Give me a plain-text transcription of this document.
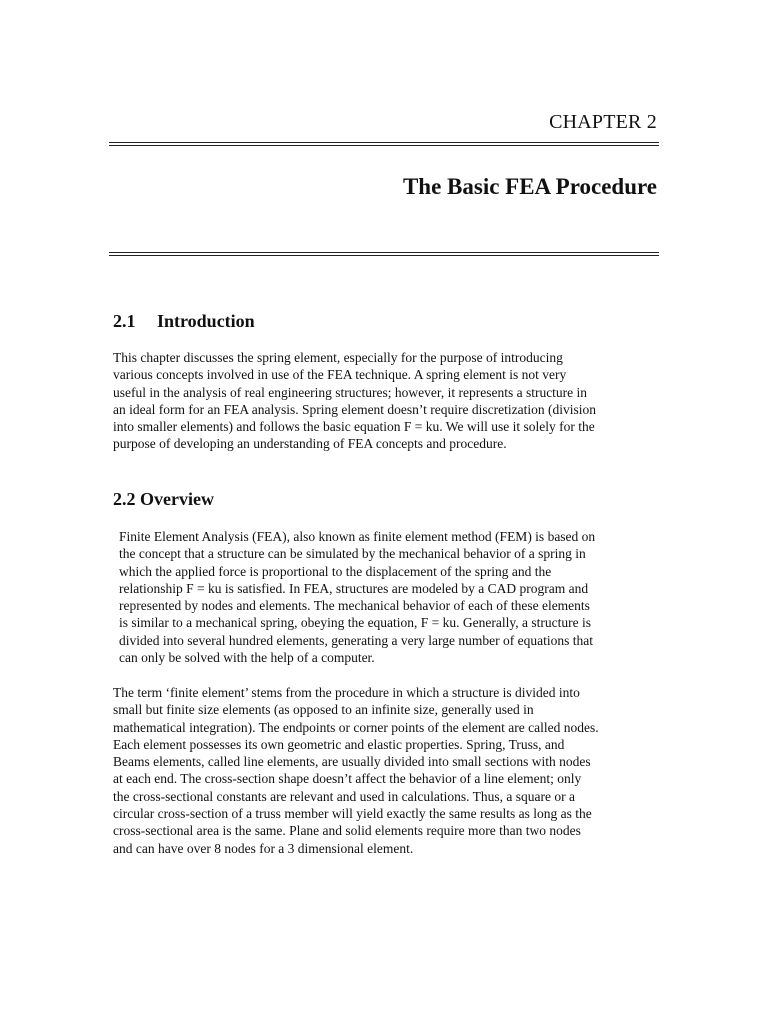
CHAPTER 2
The Basic FEA Procedure
2.1 Introduction

This chapter discusses the spring element, especially for the purpose of introducing
various concepts involved in use of the FEA technique. A spring element is not very
useful in the analysis of real engineering structures; however, it represents a structure in
an ideal form for an FEA analysis. Spring element doesn’t require discretization (division
into smaller elements) and follows the basic equation F = ku. We will use it solely for the
purpose of developing an understanding of FEA concepts and procedure.

2.2 Overview

Finite Element Analysis (FEA), also known as finite element method (FEM) is based on
the concept that a structure can be simulated by the mechanical behavior of a spring in
which the applied force is proportional to the displacement of the spring and the
relationship F = ku is satisfied. In FEA, structures are modeled by a CAD program and
represented by nodes and elements. The mechanical behavior of each of these elements
is similar to a mechanical spring, obeying the equation, F = ku. Generally, a structure is
divided into several hundred elements, generating a very large number of equations that
can only be solved with the help of a computer.

The term ‘finite element’ stems from the procedure in which a structure is divided into
small but finite size elements (as opposed to an infinite size, generally used in
mathematical integration). The endpoints or corner points of the element are called nodes.
Each element possesses its own geometric and elastic properties. Spring, Truss, and
Beams elements, called line elements, are usually divided into small sections with nodes
at each end. The cross-section shape doesn’t affect the behavior of a line element; only
the cross-sectional constants are relevant and used in calculations. Thus, a square or a
circular cross-section of a truss member will yield exactly the same results as long as the
cross-sectional area is the same. Plane and solid elements require more than two nodes
and can have over 8 nodes for a 3 dimensional element.
